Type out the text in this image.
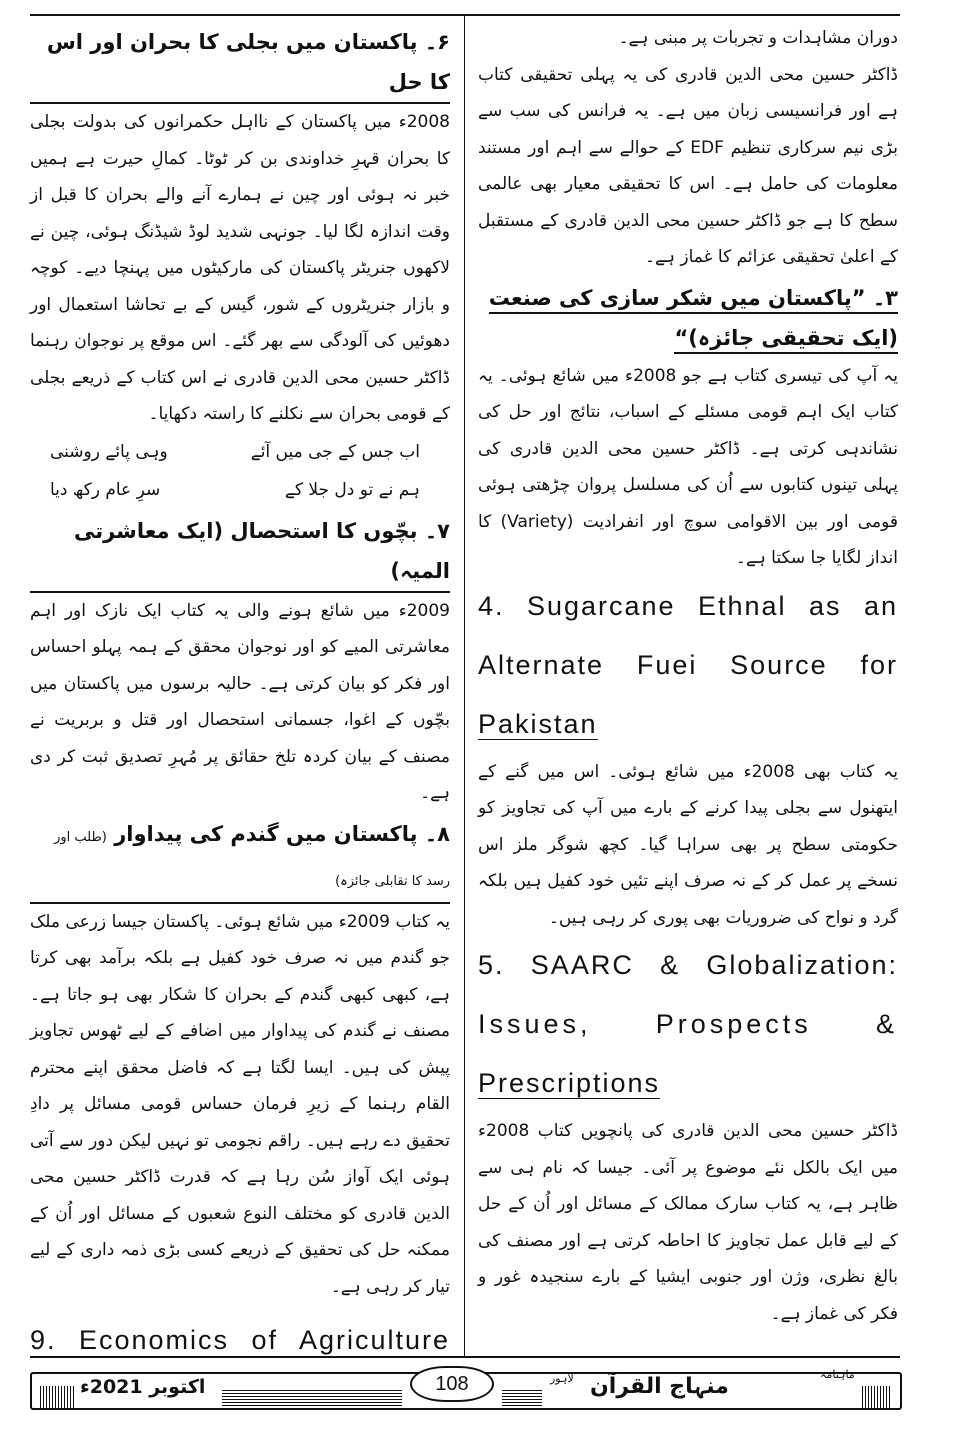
دوران مشاہدات و تجربات پر مبنی ہے۔

ڈاکٹر حسین محی الدین قادری کی یہ پہلی تحقیقی کتاب ہے اور فرانسیسی زبان میں ہے۔ یہ فرانس کی سب سے بڑی نیم سرکاری تنظیم EDF کے حوالے سے اہم اور مستند معلومات کی حامل ہے۔ اس کا تحقیقی معیار بھی عالمی سطح کا ہے جو ڈاکٹر حسین محی الدین قادری کے مستقبل کے اعلیٰ تحقیقی عزائم کا غماز ہے۔

۳۔ ”پاکستان میں شکر سازی کی صنعت (ایک تحقیقی جائزہ)“

یہ آپ کی تیسری کتاب ہے جو 2008ء میں شائع ہوئی۔ یہ کتاب ایک اہم قومی مسئلے کے اسباب، نتائج اور حل کی نشاندہی کرتی ہے۔ ڈاکٹر حسین محی الدین قادری کی پہلی تینوں کتابوں سے اُن کی مسلسل پروان چڑھتی ہوئی قومی اور بین الاقوامی سوچ اور انفرادیت (Variety) کا انداز لگایا جا سکتا ہے۔

4. Sugarcane Ethnal as an
Alternate Fuei Source for
Pakistan

یہ کتاب بھی 2008ء میں شائع ہوئی۔ اس میں گنے کے ایتھنول سے بجلی پیدا کرنے کے بارے میں آپ کی تجاویز کو حکومتی سطح پر بھی سراہا گیا۔ کچھ شوگر ملز اس نسخے پر عمل کر کے نہ صرف اپنے تئیں خود کفیل ہیں بلکہ گرد و نواح کی ضروریات بھی پوری کر رہی ہیں۔

5. SAARC & Globalization:
Issues, Prospects &
Prescriptions

ڈاکٹر حسین محی الدین قادری کی پانچویں کتاب 2008ء میں ایک بالکل نئے موضوع پر آئی۔ جیسا کہ نام ہی سے ظاہر ہے، یہ کتاب سارک ممالک کے مسائل اور اُن کے حل کے لیے قابل عمل تجاویز کا احاطہ کرتی ہے اور مصنف کی بالغ نظری، وژن اور جنوبی ایشیا کے بارے سنجیدہ غور و فکر کی غماز ہے۔

۶۔ پاکستان میں بجلی کا بحران اور اس کا حل

2008ء میں پاکستان کے نااہل حکمرانوں کی بدولت بجلی کا بحران قہرِ خداوندی بن کر ٹوٹا۔ کمالِ حیرت ہے ہمیں خبر نہ ہوئی اور چین نے ہمارے آنے والے بحران کا قبل از وقت اندازہ لگا لیا۔ جونہی شدید لوڈ شیڈنگ ہوئی، چین نے لاکھوں جنریٹر پاکستان کی مارکیٹوں میں پہنچا دیے۔ کوچہ و بازار جنریٹروں کے شور، گیس کے بے تحاشا استعمال اور دھوئیں کی آلودگی سے بھر گئے۔ اس موقع پر نوجوان رہنما ڈاکٹر حسین محی الدین قادری نے اس کتاب کے ذریعے بجلی کے قومی بحران سے نکلنے کا راستہ دکھایا۔

اب جس کے جی میں آئے
وہی پائے روشنی
ہم نے تو دل جلا کے
سرِ عام رکھ دیا
۷۔ بچّوں کا استحصال (ایک معاشرتی المیہ)

2009ء میں شائع ہونے والی یہ کتاب ایک نازک اور اہم معاشرتی المیے کو اور نوجوان محقق کے ہمہ پہلو احساس اور فکر کو بیان کرتی ہے۔ حالیہ برسوں میں پاکستان میں بچّوں کے اغوا، جسمانی استحصال اور قتل و بربریت نے مصنف کے بیان کردہ تلخ حقائق پر مُہرِ تصدیق ثبت کر دی ہے۔

۸۔ پاکستان میں گندم کی پیداوار (طلب اور رسد کا تقابلی جائزہ)

یہ کتاب 2009ء میں شائع ہوئی۔ پاکستان جیسا زرعی ملک جو گندم میں نہ صرف خود کفیل ہے بلکہ برآمد بھی کرتا ہے، کبھی کبھی گندم کے بحران کا شکار بھی ہو جاتا ہے۔ مصنف نے گندم کی پیداوار میں اضافے کے لیے ٹھوس تجاویز پیش کی ہیں۔ ایسا لگتا ہے کہ فاضل محقق اپنے محترم القام رہنما کے زیرِ فرمان حساس قومی مسائل پر دادِ تحقیق دے رہے ہیں۔ راقم نجومی تو نہیں لیکن دور سے آتی ہوئی ایک آواز سُن رہا ہے کہ قدرت ڈاکٹر حسین محی الدین قادری کو مختلف النوع شعبوں کے مسائل اور اُن کے ممکنہ حل کی تحقیق کے ذریعے کسی بڑی ذمہ داری کے لیے تیار کر رہی ہے۔

9. Economics of Agriculture
اکتوبر 2021ء	108	لاہور منہاج القرآن	ماہنامہ
